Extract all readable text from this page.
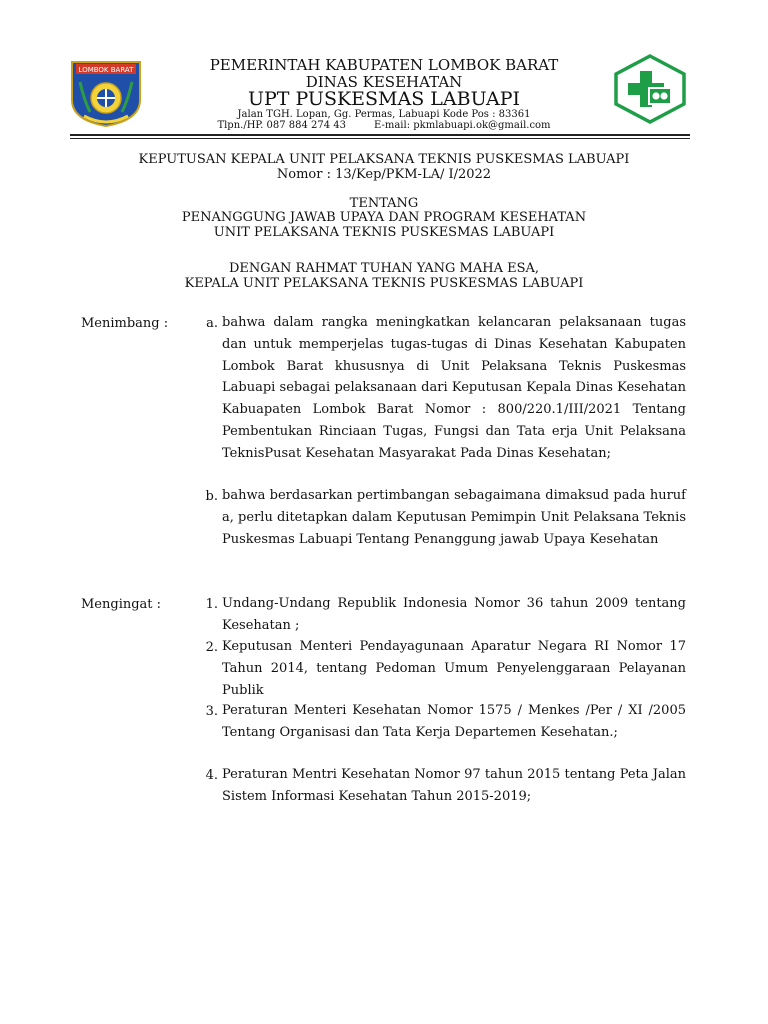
LOMBOK BARAT	PEMERINTAH KABUPATEN LOMBOK BARAT
DINAS KESEHATAN
UPT PUSKESMAS LABUAPI
Jalan TGH. Lopan, Gg. Permas, Labuapi Kode Pos : 83361
Tlpn./HP. 087 884 274 43	E-mail: pkmlabuapi.ok@gmail.com
KEPUTUSAN KEPALA UNIT PELAKSANA TEKNIS PUSKESMAS LABUAPI
Nomor : 13/Kep/PKM-LA/ I/2022
TENTANG
PENANGGUNG JAWAB UPAYA DAN PROGRAM KESEHATAN
UNIT PELAKSANA TEKNIS PUSKESMAS LABUAPI
DENGAN RAHMAT TUHAN YANG MAHA ESA,
KEPALA UNIT PELAKSANA TEKNIS PUSKESMAS LABUAPI
Menimbang :	a. bahwa dalam rangka meningkatkan kelancaran pelaksanaan tugas dan untuk memperjelas tugas-tugas di Dinas Kesehatan Kabupaten Lombok Barat khususnya di Unit Pelaksana Teknis Puskesmas Labuapi sebagai pelaksanaan dari Keputusan Kepala Dinas Kesehatan Kabuapaten Lombok Barat Nomor : 800/220.1/III/2021 Tentang Pembentukan Rinciaan Tugas, Fungsi dan Tata erja Unit Pelaksana TeknisPusat Kesehatan Masyarakat Pada Dinas Kesehatan;
b. bahwa berdasarkan pertimbangan sebagaimana dimaksud pada huruf a, perlu ditetapkan dalam Keputusan Pemimpin Unit Pelaksana Teknis Puskesmas Labuapi Tentang Penanggung jawab Upaya Kesehatan
Mengingat :	1. Undang-Undang Republik Indonesia Nomor 36 tahun 2009 tentang Kesehatan ;
2. Keputusan Menteri Pendayagunaan Aparatur Negara RI Nomor 17 Tahun 2014, tentang Pedoman Umum Penyelenggaraan Pelayanan Publik
3. Peraturan Menteri Kesehatan Nomor 1575 / Menkes /Per / XI /2005 Tentang Organisasi dan Tata Kerja Departemen Kesehatan.;
4. Peraturan Mentri Kesehatan Nomor 97 tahun 2015 tentang Peta Jalan Sistem Informasi Kesehatan Tahun 2015-2019;
